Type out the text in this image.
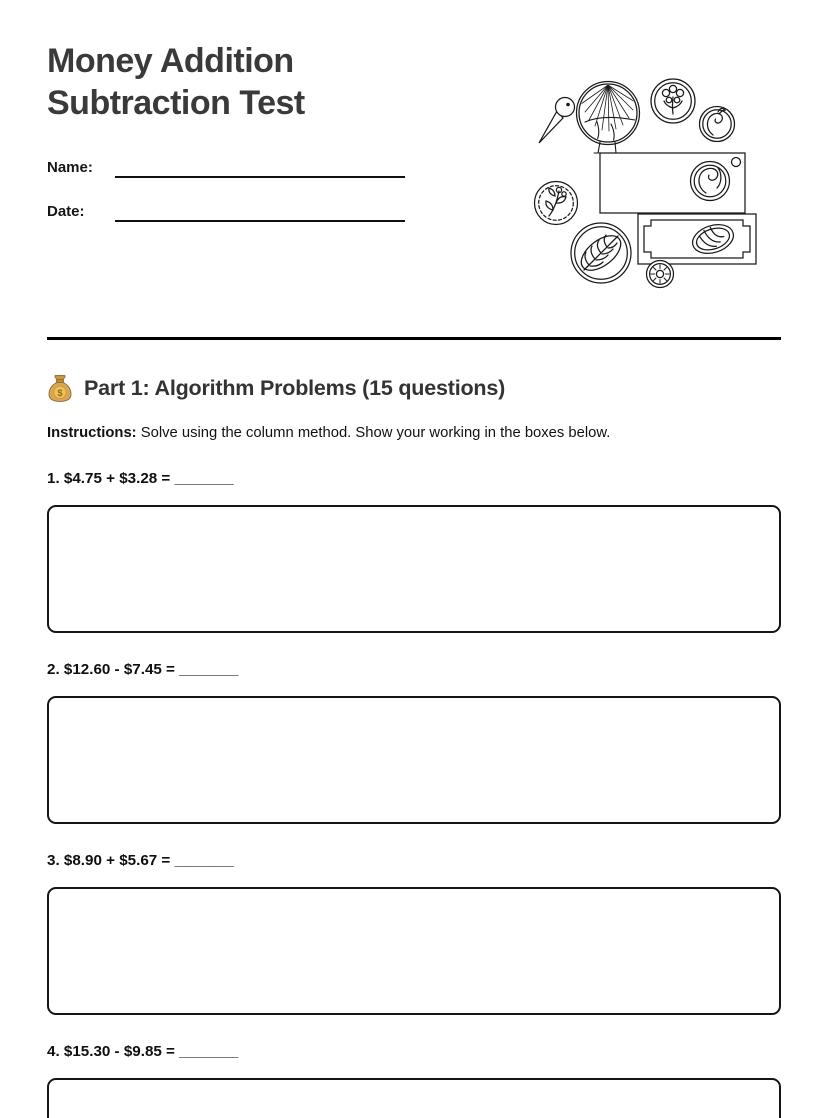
Money Addition
Subtraction Test
Name:
Date:
$ Part 1: Algorithm Problems (15 questions)

Instructions: Solve using the column method. Show your working in the boxes below.

1. $4.75 + $3.28 = _______
2. $12.60 - $7.45 = _______
3. $8.90 + $5.67 = _______
4. $15.30 - $9.85 = _______
